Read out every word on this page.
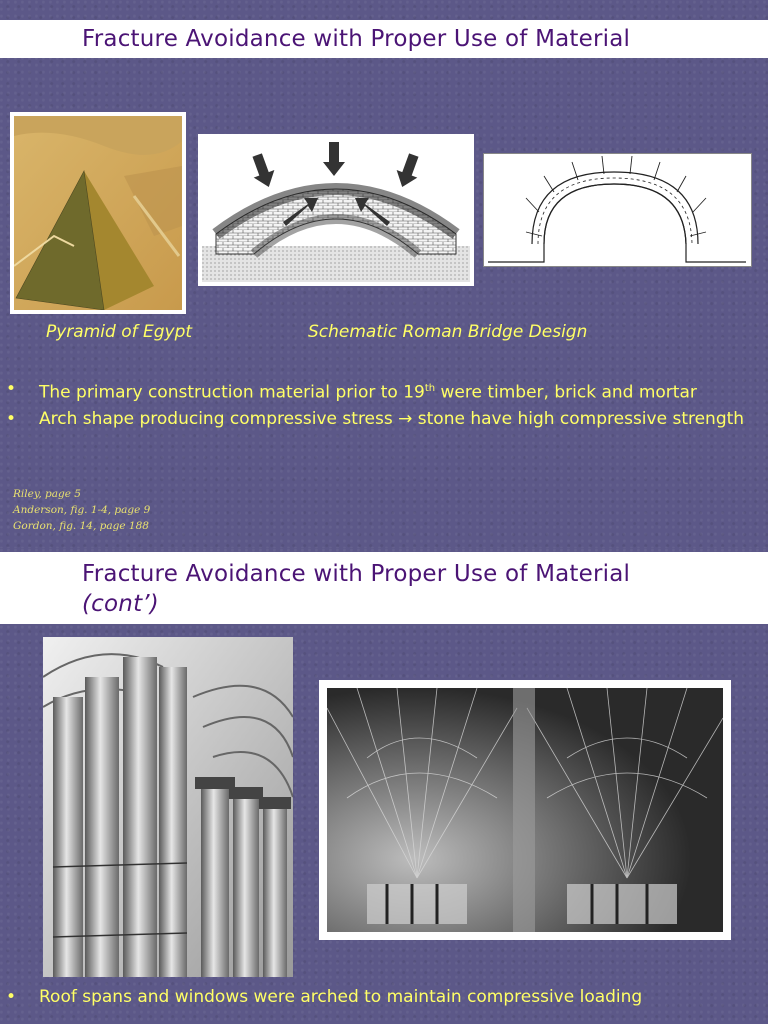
Fracture Avoidance with Proper Use of Material
Pyramid of Egypt	Schematic Roman Bridge Design
• The primary construction material prior to 19th were timber, brick and mortar
• Arch shape producing compressive stress → stone have high compressive strength
Riley, page 5
Anderson, fig. 1-4, page 9
Gordon, fig. 14, page 188
Fracture Avoidance with Proper Use of Material
(cont’)
• Roof spans and windows were arched to maintain compressive loading
